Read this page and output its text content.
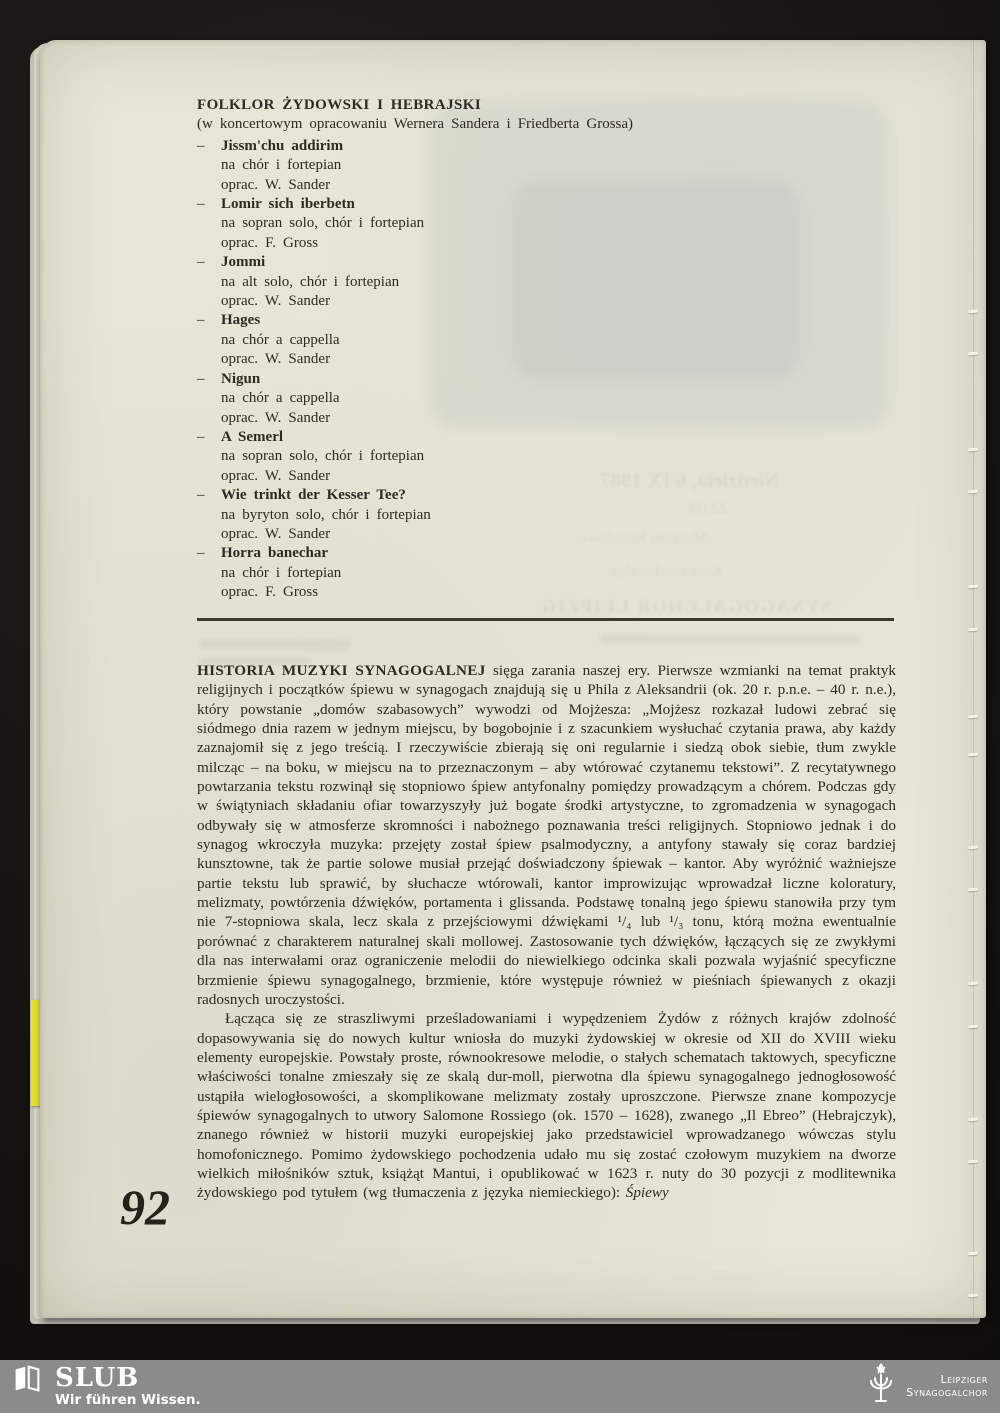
Niedziela, 6 IX 1987
22.00
Muzeum Narodowe
Koncert chóralny
SYNAGOGALCHOR LEIPZIG
FOLKLOR ŻYDOWSKI I HEBRAJSKI
(w koncertowym opracowaniu Wernera Sandera i Friedberta Grossa)
–	Jissm'chu addirim
na chór i fortepian
oprac. W. Sander
–	Lomir sich iberbetn
na sopran solo, chór i fortepian
oprac. F. Gross
–	Jommi
na alt solo, chór i fortepian
oprac. W. Sander
–	Hages
na chór a cappella
oprac. W. Sander
–	Nigun
na chór a cappella
oprac. W. Sander
–	A Semerl
na sopran solo, chór i fortepian
oprac. W. Sander
–	Wie trinkt der Kesser Tee?
na byryton solo, chór i fortepian
oprac. W. Sander
–	Horra banechar
na chór i fortepian
oprac. F. Gross

HISTORIA MUZYKI SYNAGOGALNEJ sięga zarania naszej ery. Pierwsze wzmianki na temat praktyk religijnych i początków śpiewu w synagogach znajdują się u Phila z Aleksandrii (ok. 20 r. p.n.e. – 40 r. n.e.), który powstanie „domów szabasowych” wywodzi od Mojżesza: „Mojżesz rozkazał ludowi zebrać się siódmego dnia razem w jednym miejscu, by bogobojnie i z szacunkiem wysłuchać czytania prawa, aby każdy zaznajomił się z jego treścią. I rzeczywiście zbierają się oni regularnie i siedzą obok siebie, tłum zwykle milcząc – na boku, w miejscu na to przeznaczonym – aby wtórować czytanemu tekstowi”. Z recytatywnego powtarzania tekstu rozwinął się stopniowo śpiew antyfonalny pomiędzy prowadzącym a chórem. Podczas gdy w świątyniach składaniu ofiar towarzyszyły już bogate środki artystyczne, to zgromadzenia w synagogach odbywały się w atmosferze skromności i nabożnego poznawania treści religijnych. Stopniowo jednak i do synagog wkroczyła muzyka: przejęty został śpiew psalmodyczny, a antyfony stawały się coraz bardziej kunsztowne, tak że partie solowe musiał przejąć doświadczony śpiewak – kantor. Aby wyróżnić ważniejsze partie tekstu lub sprawić, by słuchacze wtórowali, kantor improwizując wprowadzał liczne koloratury, melizmaty, powtórzenia dźwięków, portamenta i glissanda. Podstawę tonalną jego śpiewu stanowiła przy tym nie 7-stopniowa skala, lecz skala z przejściowymi dźwiękami ¹/₄ lub ¹/₃ tonu, którą można ewentualnie porównać z charakterem naturalnej skali mollowej. Zastosowanie tych dźwięków, łączących się ze zwykłymi dla nas interwałami oraz ograniczenie melodii do niewielkiego odcinka skali pozwala wyjaśnić specyficzne brzmienie śpiewu synagogalnego, brzmienie, które występuje również w pieśniach śpiewanych z okazji radosnych uroczystości.

Łącząca się ze straszliwymi prześladowaniami i wypędzeniem Żydów z różnych krajów zdolność dopasowywania się do nowych kultur wniosła do muzyki żydowskiej w okresie od XII do XVIII wieku elementy europejskie. Powstały proste, równookresowe melodie, o stałych schematach taktowych, specyficzne właściwości tonalne zmieszały się ze skalą dur-moll, pierwotna dla śpiewu synagogalnego jednogłosowość ustąpiła wielogłosowości, a skomplikowane melizmaty zostały uproszczone. Pierwsze znane kompozycje śpiewów synagogalnych to utwory Salomone Rossiego (ok. 1570 – 1628), zwanego „Il Ebreo” (Hebrajczyk), znanego również w historii muzyki europejskiej jako przedstawiciel wprowadzanego wówczas stylu homofonicznego. Pomimo żydowskiego pochodzenia udało mu się zostać czołowym muzykiem na dworze wielkich miłośników sztuk, książąt Mantui, i opublikować w 1623 r. nuty do 30 pozycji z modlitewnika żydowskiego pod tytułem (wg tłumaczenia z języka niemieckiego): Śpiewy

92
SLUB
Wir führen Wissen.
Leipziger
Synagogalchor
